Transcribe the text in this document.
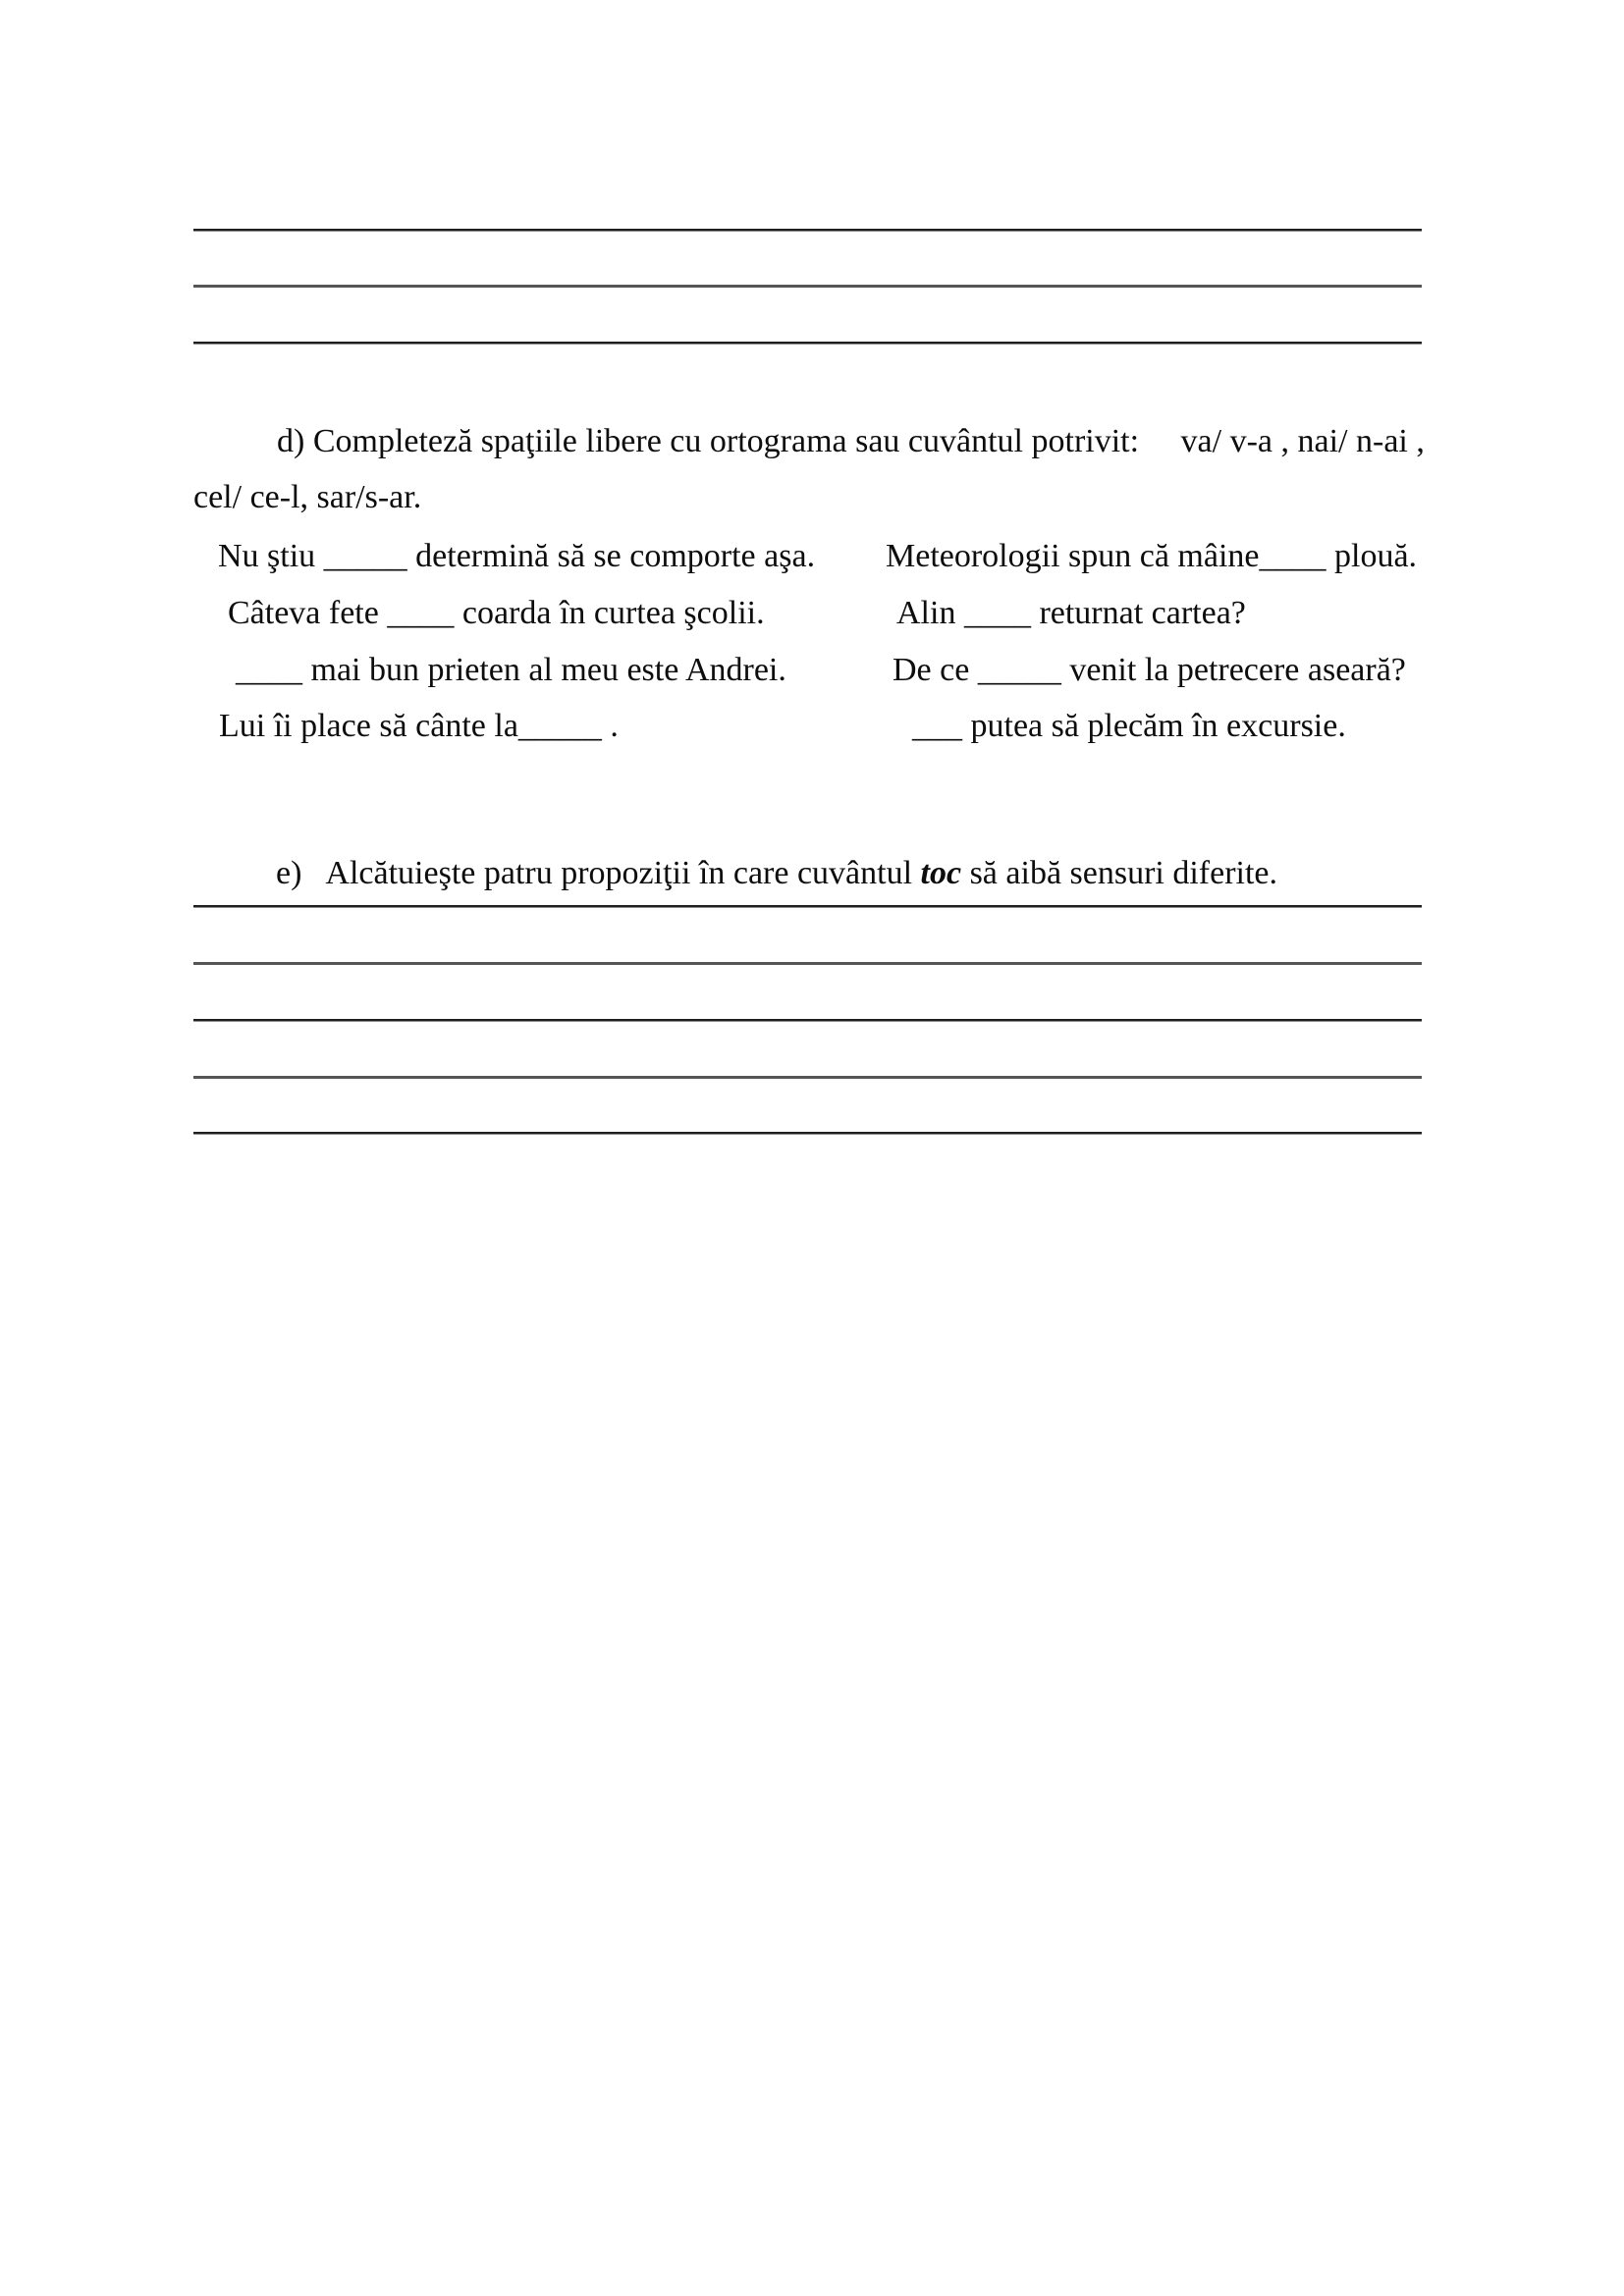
d) Completeză spaţiile libere cu ortograma sau cuvântul potrivit:     va/ v-a , nai/ n-ai ,
cel/ ce-l, sar/s-ar.
Nu ştiu _____ determină să se comporte aşa. Meteorologii spun că mâine____ plouă.
Câteva fete ____ coarda în curtea şcolii.	Alin ____ returnat cartea?
____ mai bun prieten al meu este Andrei.	De ce _____ venit la petrecere aseară?
Lui îi place să cânte la_____ .	___ putea să plecăm în excursie.

e) Alcătuieşte patru propoziţii în care cuvântul toc să aibă sensuri diferite.
